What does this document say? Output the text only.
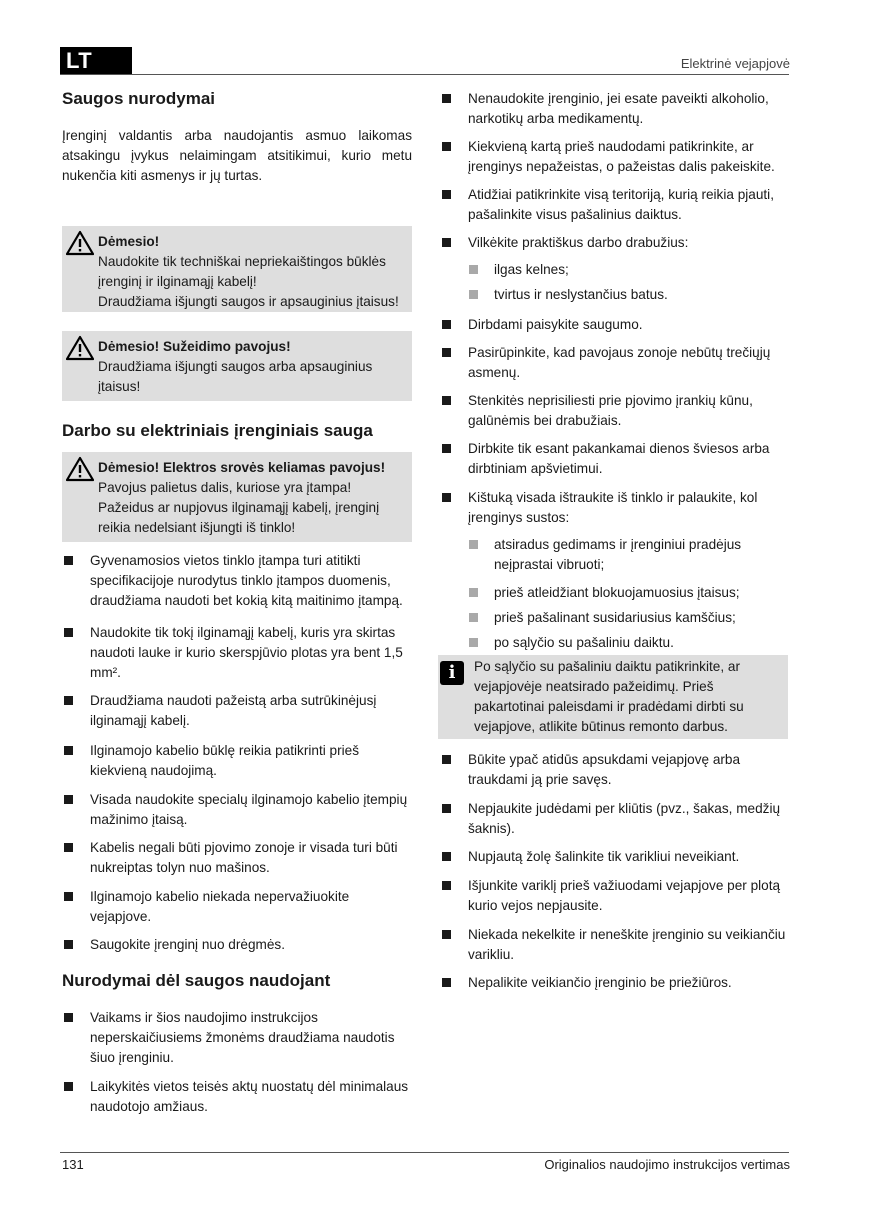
LT	Elektrinė vejapjovė
Saugos nurodymai
Įrenginį valdantis arba naudojantis asmuo laikomas atsakingu įvykus nelaimingam atsitikimui, kurio metu nukenčia kiti asmenys ir jų turtas.
Dėmesio!
Naudokite tik techniškai nepriekaištingos būklės įrenginį ir ilginamąjį kabelį!
Draudžiama išjungti saugos ir apsauginius įtaisus!
Dėmesio! Sužeidimo pavojus!
Draudžiama išjungti saugos arba apsauginius įtaisus!
Darbo su elektriniais įrenginiais sauga
Dėmesio! Elektros srovės keliamas pavojus!
Pavojus palietus dalis, kuriose yra įtampa!
Pažeidus ar nupjovus ilginamąjį kabelį, įrenginį reikia nedelsiant išjungti iš tinklo!
Gyvenamosios vietos tinklo įtampa turi atitikti specifikacijoje nurodytus tinklo įtampos duomenis, draudžiama naudoti bet kokią kitą maitinimo įtampą.
Naudokite tik tokį ilginamąjį kabelį, kuris yra skirtas naudoti lauke ir kurio skerspjūvio plotas yra bent 1,5 mm².
Draudžiama naudoti pažeistą arba sutrūkinėjusį ilginamąjį kabelį.
Ilginamojo kabelio būklę reikia patikrinti prieš kiekvieną naudojimą.
Visada naudokite specialų ilginamojo kabelio įtempių mažinimo įtaisą.
Kabelis negali būti pjovimo zonoje ir visada turi būti nukreiptas tolyn nuo mašinos.
Ilginamojo kabelio niekada nepervažiuokite vejapjove.
Saugokite įrenginį nuo drėgmės.
Nurodymai dėl saugos naudojant
Vaikams ir šios naudojimo instrukcijos neperskaičiusiems žmonėms draudžiama naudotis šiuo įrenginiu.
Laikykitės vietos teisės aktų nuostatų dėl minimalaus naudotojo amžiaus.
Nenaudokite įrenginio, jei esate paveikti alkoholio, narkotikų arba medikamentų.
Kiekvieną kartą prieš naudodami patikrinkite, ar įrenginys nepažeistas, o pažeistas dalis pakeiskite.
Atidžiai patikrinkite visą teritoriją, kurią reikia pjauti, pašalinkite visus pašalinius daiktus.
Vilkėkite praktiškus darbo drabužius:
ilgas kelnes;
tvirtus ir neslystančius batus.
Dirbdami paisykite saugumo.
Pasirūpinkite, kad pavojaus zonoje nebūtų trečiųjų asmenų.
Stenkitės neprisiliesti prie pjovimo įrankių kūnu, galūnėmis bei drabužiais.
Dirbkite tik esant pakankamai dienos šviesos arba dirbtiniam apšvietimui.
Kištuką visada ištraukite iš tinklo ir palaukite, kol įrenginys sustos:
atsiradus gedimams ir įrenginiui pradėjus neįprastai vibruoti;
prieš atleidžiant blokuojamuosius įtaisus;
prieš pašalinant susidariusius kamščius;
po sąlyčio su pašaliniu daiktu.
i	Po sąlyčio su pašaliniu daiktu patikrinkite, ar vejapjovėje neatsirado pažeidimų. Prieš pakartotinai paleisdami ir pradėdami dirbti su vejapjove, atlikite būtinus remonto darbus.
Būkite ypač atidūs apsukdami vejapjovę arba traukdami ją prie savęs.
Nepjaukite judėdami per kliūtis (pvz., šakas, medžių šaknis).
Nupjautą žolę šalinkite tik varikliui neveikiant.
Išjunkite variklį prieš važiuodami vejapjove per plotą kurio vejos nepjausite.
Niekada nekelkite ir neneškite įrenginio su veikiančiu varikliu.
Nepalikite veikiančio įrenginio be priežiūros.
131	Originalios naudojimo instrukcijos vertimas
